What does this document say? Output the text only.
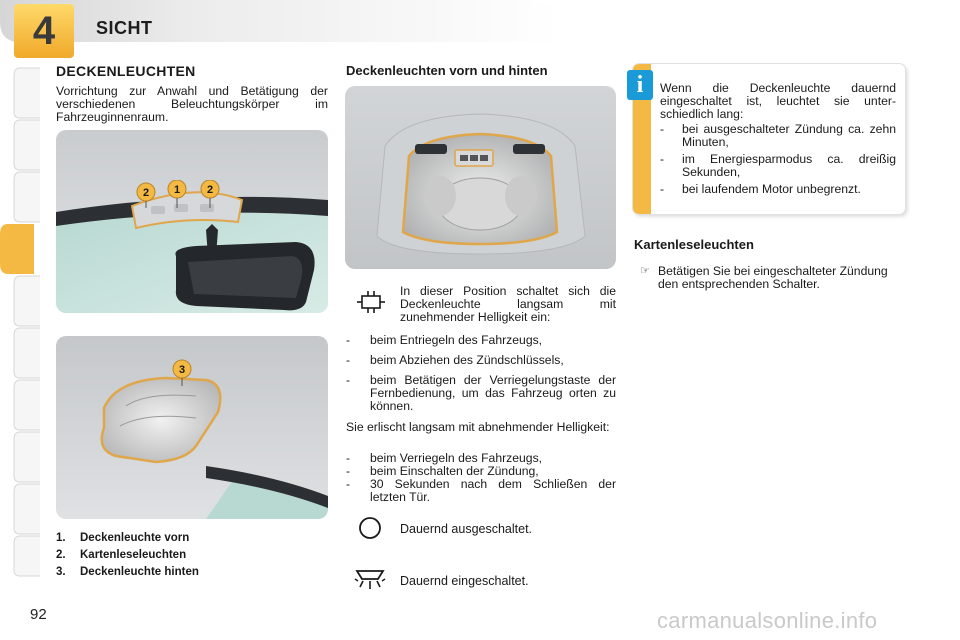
4	SICHT
DECKENLEUCHTEN
Vorrichtung zur Anwahl und Betätigung der verschiedenen Beleuchtungskörper im Fahrzeuginnenraum.
2 1 2
3
1.	Deckenleuchte vorn
2.	Kartenleseleuchten
3.	Deckenleuchte hinten
92
Deckenleuchten vorn und hinten
In dieser Position schaltet sich die Deckenleuchte langsam mit zunehmender Helligkeit ein:
-	beim Entriegeln des Fahrzeugs,
-	beim Abziehen des Zündschlüssels,
-	beim Betätigen der Verriegelungstaste der Fernbedienung, um das Fahrzeug orten zu können.
Sie erlischt langsam mit abnehmender Helligkeit:
-	beim Verriegeln des Fahrzeugs,
-	beim Einschalten der Zündung,
-	30 Sekunden nach dem Schließen der letzten Tür.
Dauernd ausgeschaltet.
Dauernd eingeschaltet.
i	Wenn die Deckenleuchte dauernd eingeschaltet ist, leuchtet sie unterschiedlich lang:
-	bei ausgeschalteter Zündung ca. zehn Minuten,
-	im Energiesparmodus ca. dreißig Sekunden,
-	bei laufendem Motor unbegrenzt.
Kartenleseleuchten
☞ Betätigen Sie bei eingeschalteter Zündung den entsprechenden Schalter.
carmanualsonline.info
